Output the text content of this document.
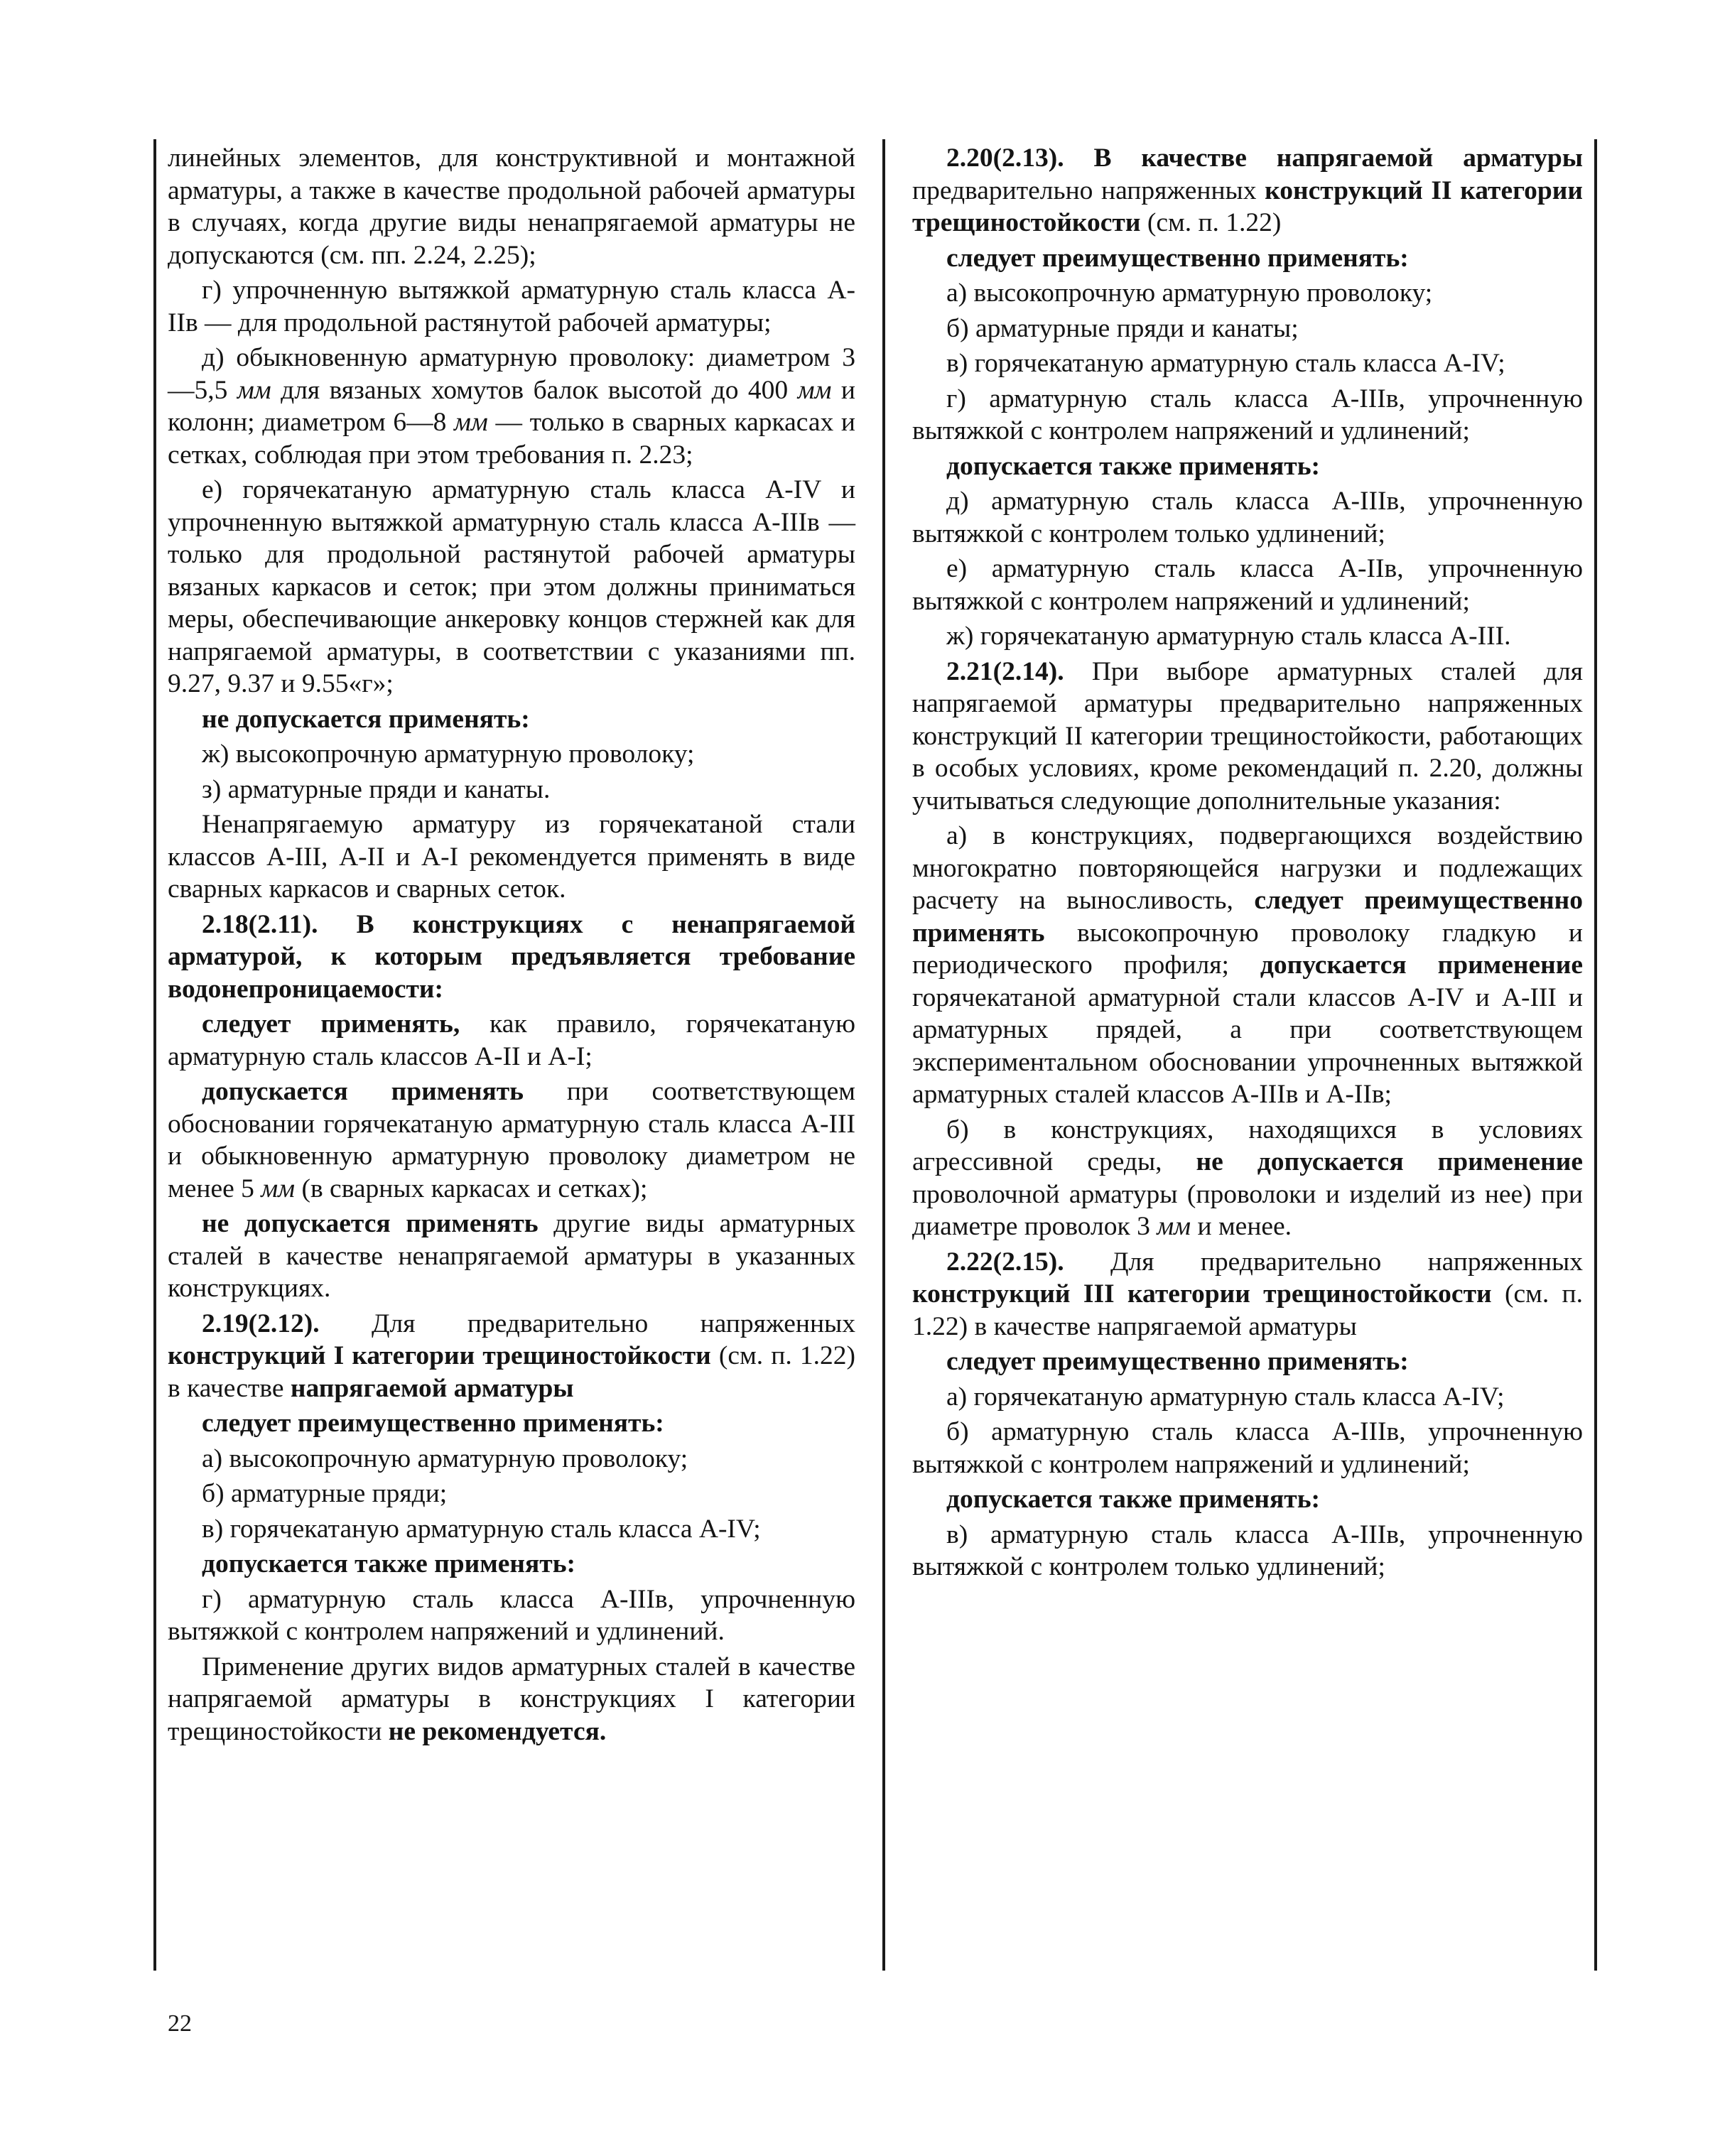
линейных элементов, для конструктивной и монтажной арматуры, а также в качестве продольной рабочей арматуры в случаях, когда другие виды ненапрягаемой арматуры не допускаются (см. пп. 2.24, 2.25);

г) упрочненную вытяжкой арматурную сталь класса А-IIв — для продольной растянутой рабочей арматуры;

д) обыкновенную арматурную проволоку: диаметром 3—5,5 мм для вязаных хомутов балок высотой до 400 мм и колонн; диаметром 6—8 мм — только в сварных каркасах и сетках, соблюдая при этом требования п. 2.23;

е) горячекатаную арматурную сталь класса А-IV и упрочненную вытяжкой арматурную сталь класса А-IIIв — только для продольной растянутой рабочей арматуры вязаных каркасов и сеток; при этом должны приниматься меры, обеспечивающие анкеровку концов стержней как для напрягаемой арматуры, в соответствии с указаниями пп. 9.27, 9.37 и 9.55«г»;

не допускается применять:

ж) высокопрочную арматурную проволоку;

з) арматурные пряди и канаты.

Ненапрягаемую арматуру из горячекатаной стали классов А-III, А-II и А-I рекомендуется применять в виде сварных каркасов и сварных сеток.

2.18(2.11). В конструкциях с ненапрягаемой арматурой, к которым предъявляется требование водонепроницаемости:

следует применять, как правило, горячекатаную арматурную сталь классов А-II и А-I;

допускается применять при соответствующем обосновании горячекатаную арматурную сталь класса А-III и обыкновенную арматурную проволоку диаметром не менее 5 мм (в сварных каркасах и сетках);

не допускается применять другие виды арматурных сталей в качестве ненапрягаемой арматуры в указанных конструкциях.

2.19(2.12). Для предварительно напряженных конструкций I категории трещиностойкости (см. п. 1.22) в качестве напрягаемой арматуры

следует преимущественно применять:

а) высокопрочную арматурную проволоку;

б) арматурные пряди;

в) горячекатаную арматурную сталь класса А-IV;

допускается также применять:

г) арматурную сталь класса А-IIIв, упрочненную вытяжкой с контролем напряжений и удлинений.

Применение других видов арматурных сталей в качестве напрягаемой арматуры в конструкциях I категории трещиностойкости не рекомендуется.

2.20(2.13). В качестве напрягаемой арматуры предварительно напряженных конструкций II категории трещиностойкости (см. п. 1.22)

следует преимущественно применять:

а) высокопрочную арматурную проволоку;

б) арматурные пряди и канаты;

в) горячекатаную арматурную сталь класса А-IV;

г) арматурную сталь класса А-IIIв, упрочненную вытяжкой с контролем напряжений и удлинений;

допускается также применять:

д) арматурную сталь класса А-IIIв, упрочненную вытяжкой с контролем только удлинений;

е) арматурную сталь класса А-IIв, упрочненную вытяжкой с контролем напряжений и удлинений;

ж) горячекатаную арматурную сталь класса А-III.

2.21(2.14). При выборе арматурных сталей для напрягаемой арматуры предварительно напряженных конструкций II категории трещиностойкости, работающих в особых условиях, кроме рекомендаций п. 2.20, должны учитываться следующие дополнительные указания:

а) в конструкциях, подвергающихся воздействию многократно повторяющейся нагрузки и подлежащих расчету на выносливость, следует преимущественно применять высокопрочную проволоку гладкую и периодического профиля; допускается применение горячекатаной арматурной стали классов А-IV и А-III и арматурных прядей, а при соответствующем экспериментальном обосновании упрочненных вытяжкой арматурных сталей классов А-IIIв и А-IIв;

б) в конструкциях, находящихся в условиях агрессивной среды, не допускается применение проволочной арматуры (проволоки и изделий из нее) при диаметре проволок 3 мм и менее.

2.22(2.15). Для предварительно напряженных конструкций III категории трещиностойкости (см. п. 1.22) в качестве напрягаемой арматуры

следует преимущественно применять:

а) горячекатаную арматурную сталь класса А-IV;

б) арматурную сталь класса А-IIIв, упрочненную вытяжкой с контролем напряжений и удлинений;

допускается также применять:

в) арматурную сталь класса А-IIIв, упрочненную вытяжкой с контролем только удлинений;

22
